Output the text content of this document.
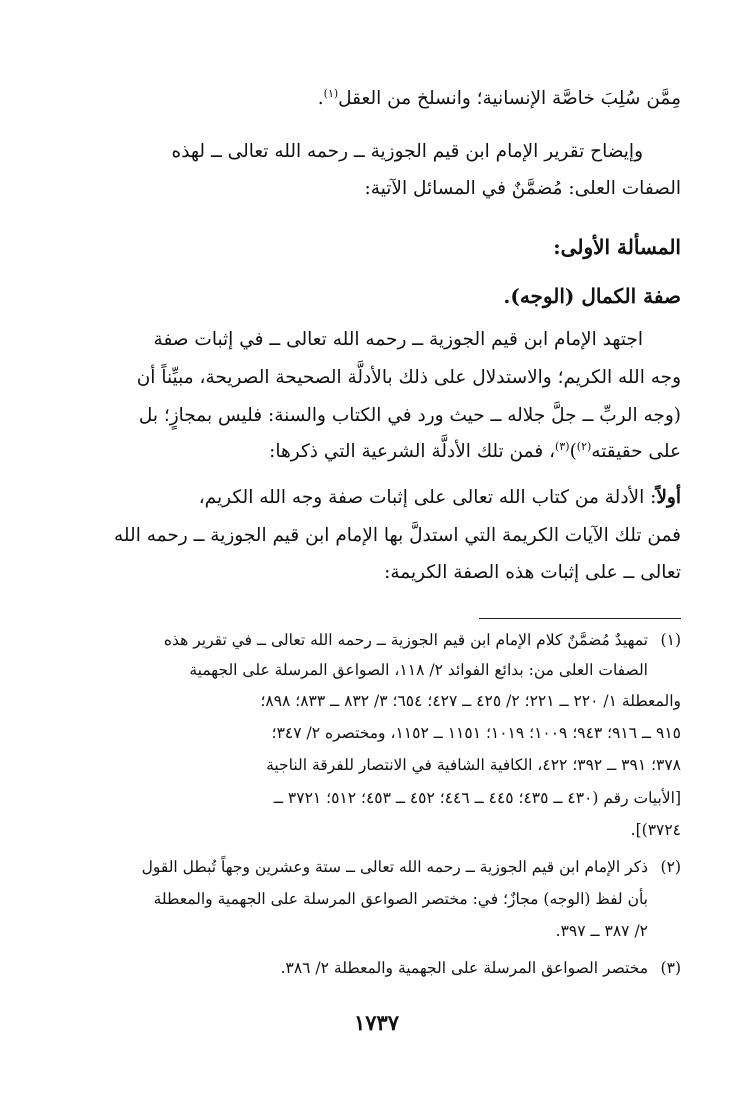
مِمَّن سُلِبَ خاصَّة الإنسانية؛ وانسلخ من العقل$^{(١)}$.
وإيضاح تقرير الإمام ابن قيم الجوزية ــ رحمه الله تعالى ــ لهذه
الصفات العلى: مُضمَّنٌ في المسائل الآتية:
المسألة الأولى:
صفة الكمال (الوجه).
اجتهد الإمام ابن قيم الجوزية ــ رحمه الله تعالى ــ في إثبات صفة
وجه الله الكريم؛ والاستدلال على ذلك بالأدلَّة الصحيحة الصريحة، مبيِّناً أن
(وجه الربِّ ــ جلَّ جلاله ــ حيث ورد في الكتاب والسنة: فليس بمجازٍ؛ بل
على حقيقته$^{(٢)}$)$^{(٣)}$، فمن تلك الأدلَّة الشرعية التي ذكرها:
أولاً: الأدلة من كتاب الله تعالى على إثبات صفة وجه الله الكريم،
فمن تلك الآيات الكريمة التي استدلَّ بها الإمام ابن قيم الجوزية ــ رحمه الله
تعالى ــ على إثبات هذه الصفة الكريمة:
(١)
تمهيدٌ مُضمَّنٌ كلام الإمام ابن قيم الجوزية ــ رحمه الله تعالى ــ في تقرير هذه
الصفات العلى من: بدائع الفوائد ٢/ ١١٨، الصواعق المرسلة على الجهمية
والمعطلة ١/ ٢٢٠ ــ ٢٢١؛ ٢/ ٤٢٥ ــ ٤٢٧؛ ٦٥٤؛ ٣/ ٨٣٢ ــ ٨٣٣؛ ٨٩٨؛
٩١٥ ــ ٩١٦؛ ٩٤٣؛ ١٠٠٩؛ ١٠١٩؛ ١١٥١ ــ ١١٥٢، ومختصره ٢/ ٣٤٧؛
٣٧٨؛ ٣٩١ ــ ٣٩٢؛ ٤٢٢، الكافية الشافية في الانتصار للفرقة الناجية
[الأبيات رقم (٤٣٠ ــ ٤٣٥؛ ٤٤٥ ــ ٤٤٦؛ ٤٥٢ ــ ٤٥٣؛ ٥١٢؛ ٣٧٢١ ــ
٣٧٢٤)].
(٢)
ذكر الإمام ابن قيم الجوزية ــ رحمه الله تعالى ــ ستة وعشرين وجهاً تُبطل القول
بأن لفظ (الوجه) مجازٌ؛ في: مختصر الصواعق المرسلة على الجهمية والمعطلة
٢/ ٣٨٧ ــ ٣٩٧.
(٣)
مختصر الصواعق المرسلة على الجهمية والمعطلة ٢/ ٣٨٦.
١٧٣٧
